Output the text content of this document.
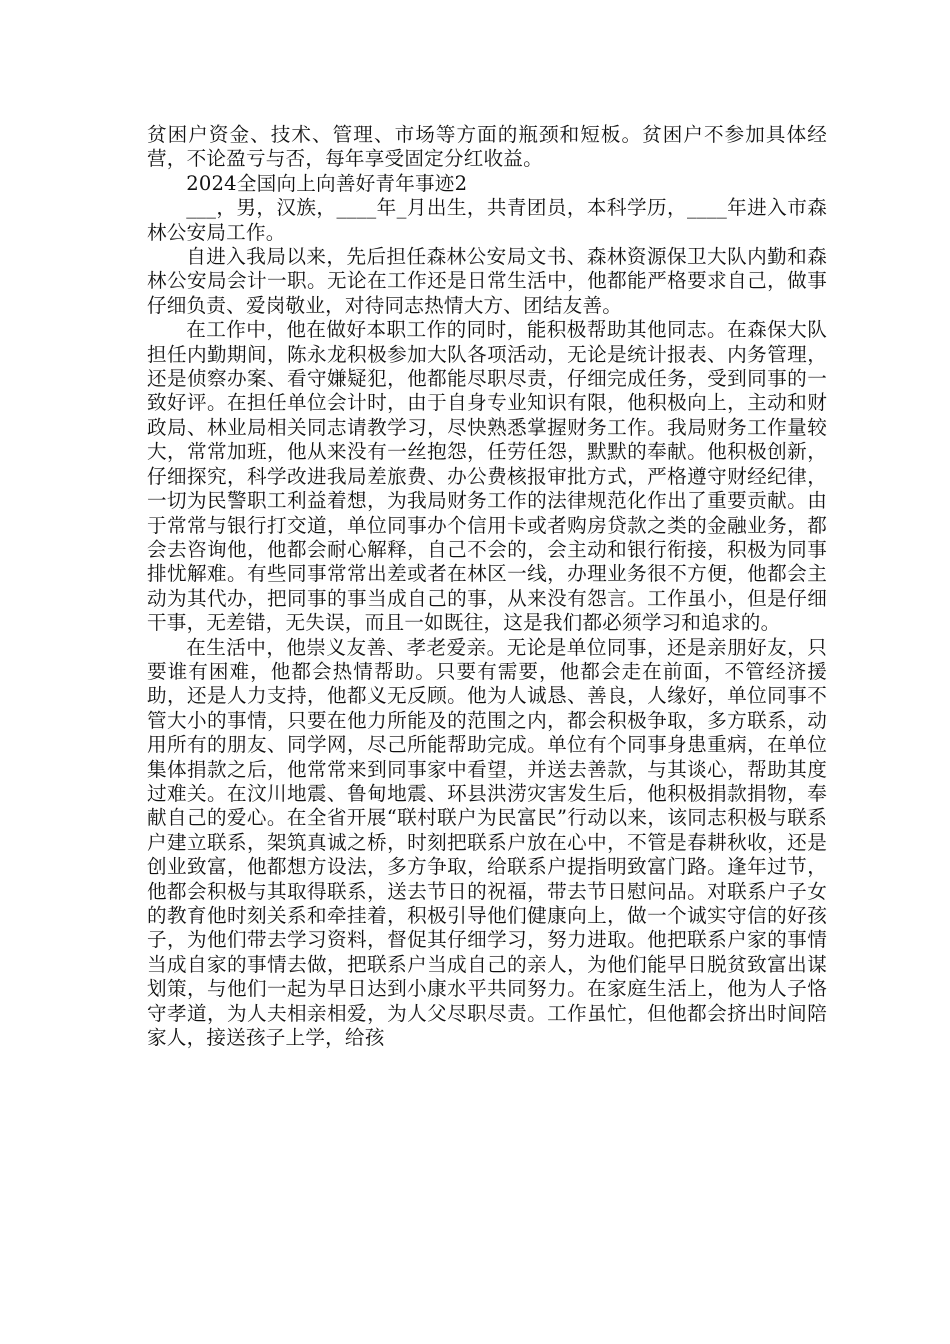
贫困户资金、技术、管理、市场等方面的瓶颈和短板。贫困户不参加具体经营，不论盈亏与否，每年享受固定分红收益。

2024全国向上向善好青年事迹2

___，男，汉族，____年_月出生，共青团员，本科学历，____年进入市森林公安局工作。

自进入我局以来，先后担任森林公安局文书、森林资源保卫大队内勤和森林公安局会计一职。无论在工作还是日常生活中，他都能严格要求自己，做事仔细负责、爱岗敬业，对待同志热情大方、团结友善。

在工作中，他在做好本职工作的同时，能积极帮助其他同志。在森保大队担任内勤期间，陈永龙积极参加大队各项活动，无论是统计报表、内务管理，还是侦察办案、看守嫌疑犯，他都能尽职尽责，仔细完成任务，受到同事的一致好评。在担任单位会计时，由于自身专业知识有限，他积极向上，主动和财政局、林业局相关同志请教学习，尽快熟悉掌握财务工作。我局财务工作量较大，常常加班，他从来没有一丝抱怨，任劳任怨，默默的奉献。他积极创新，仔细探究，科学改进我局差旅费、办公费核报审批方式，严格遵守财经纪律，一切为民警职工利益着想，为我局财务工作的法律规范化作出了重要贡献。由于常常与银行打交道，单位同事办个信用卡或者购房贷款之类的金融业务，都会去咨询他，他都会耐心解释，自己不会的，会主动和银行衔接，积极为同事排忧解难。有些同事常常出差或者在林区一线，办理业务很不方便，他都会主动为其代办，把同事的事当成自己的事，从来没有怨言。工作虽小，但是仔细干事，无差错，无失误，而且一如既往，这是我们都必须学习和追求的。

在生活中，他崇义友善、孝老爱亲。无论是单位同事，还是亲朋好友，只要谁有困难，他都会热情帮助。只要有需要，他都会走在前面，不管经济援助，还是人力支持，他都义无反顾。他为人诚恳、善良，人缘好，单位同事不管大小的事情，只要在他力所能及的范围之内，都会积极争取，多方联系，动用所有的朋友、同学网，尽己所能帮助完成。单位有个同事身患重病，在单位集体捐款之后，他常常来到同事家中看望，并送去善款，与其谈心，帮助其度过难关。在汶川地震、鲁甸地震、环县洪涝灾害发生后，他积极捐款捐物，奉献自己的爱心。在全省开展“联村联户为民富民”行动以来，该同志积极与联系户建立联系，架筑真诚之桥，时刻把联系户放在心中，不管是春耕秋收，还是创业致富，他都想方设法，多方争取，给联系户提指明致富门路。逢年过节，他都会积极与其取得联系，送去节日的祝福，带去节日慰问品。对联系户子女的教育他时刻关系和牵挂着，积极引导他们健康向上，做一个诚实守信的好孩子，为他们带去学习资料，督促其仔细学习，努力进取。他把联系户家的事情当成自家的事情去做，把联系户当成自己的亲人，为他们能早日脱贫致富出谋划策，与他们一起为早日达到小康水平共同努力。在家庭生活上，他为人子恪守孝道，为人夫相亲相爱，为人父尽职尽责。工作虽忙，但他都会挤出时间陪家人，接送孩子上学，给孩
